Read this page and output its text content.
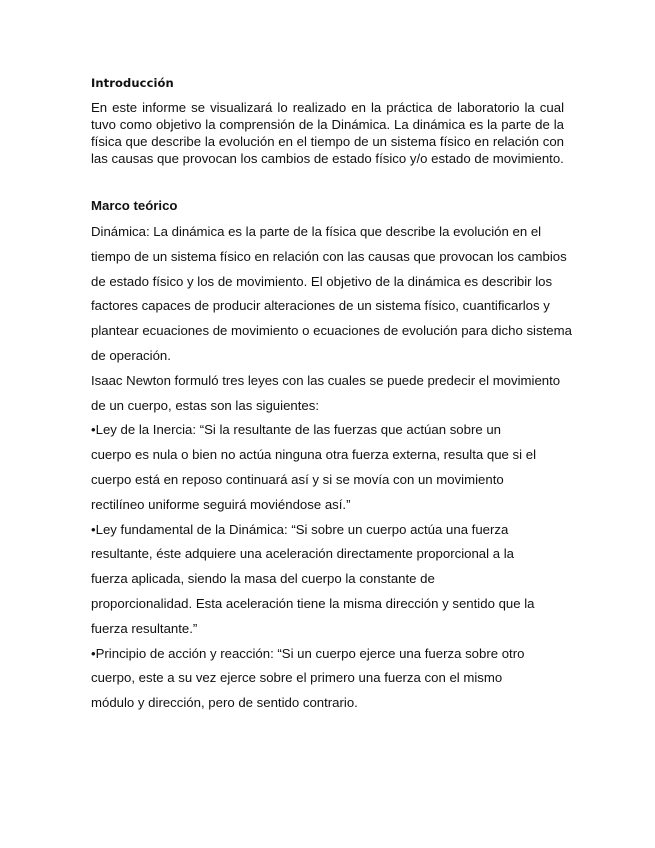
Introducción
En este informe se visualizará lo realizado en la práctica de laboratorio la cual tuvo como objetivo la comprensión de la Dinámica. La dinámica es la parte de la física que describe la evolución en el tiempo de un sistema físico en relación con las causas que provocan los cambios de estado físico y/o estado de movimiento.
Marco teórico
Dinámica: La dinámica es la parte de la física que describe la evolución en el
tiempo de un sistema físico en relación con las causas que provocan los cambios
de estado físico y los de movimiento. El objetivo de la dinámica es describir los
factores capaces de producir alteraciones de un sistema físico, cuantificarlos y
plantear ecuaciones de movimiento o ecuaciones de evolución para dicho sistema
de operación.
Isaac Newton formuló tres leyes con las cuales se puede predecir el movimiento
de un cuerpo, estas son las siguientes:
•Ley de la Inercia: “Si la resultante de las fuerzas que actúan sobre un
cuerpo es nula o bien no actúa ninguna otra fuerza externa, resulta que si el
cuerpo está en reposo continuará así y si se movía con un movimiento
rectilíneo uniforme seguirá moviéndose así.”
•Ley fundamental de la Dinámica: “Si sobre un cuerpo actúa una fuerza
resultante, éste adquiere una aceleración directamente proporcional a la
fuerza aplicada, siendo la masa del cuerpo la constante de
proporcionalidad. Esta aceleración tiene la misma dirección y sentido que la
fuerza resultante.”
•Principio de acción y reacción: “Si un cuerpo ejerce una fuerza sobre otro
cuerpo, este a su vez ejerce sobre el primero una fuerza con el mismo
módulo y dirección, pero de sentido contrario.
